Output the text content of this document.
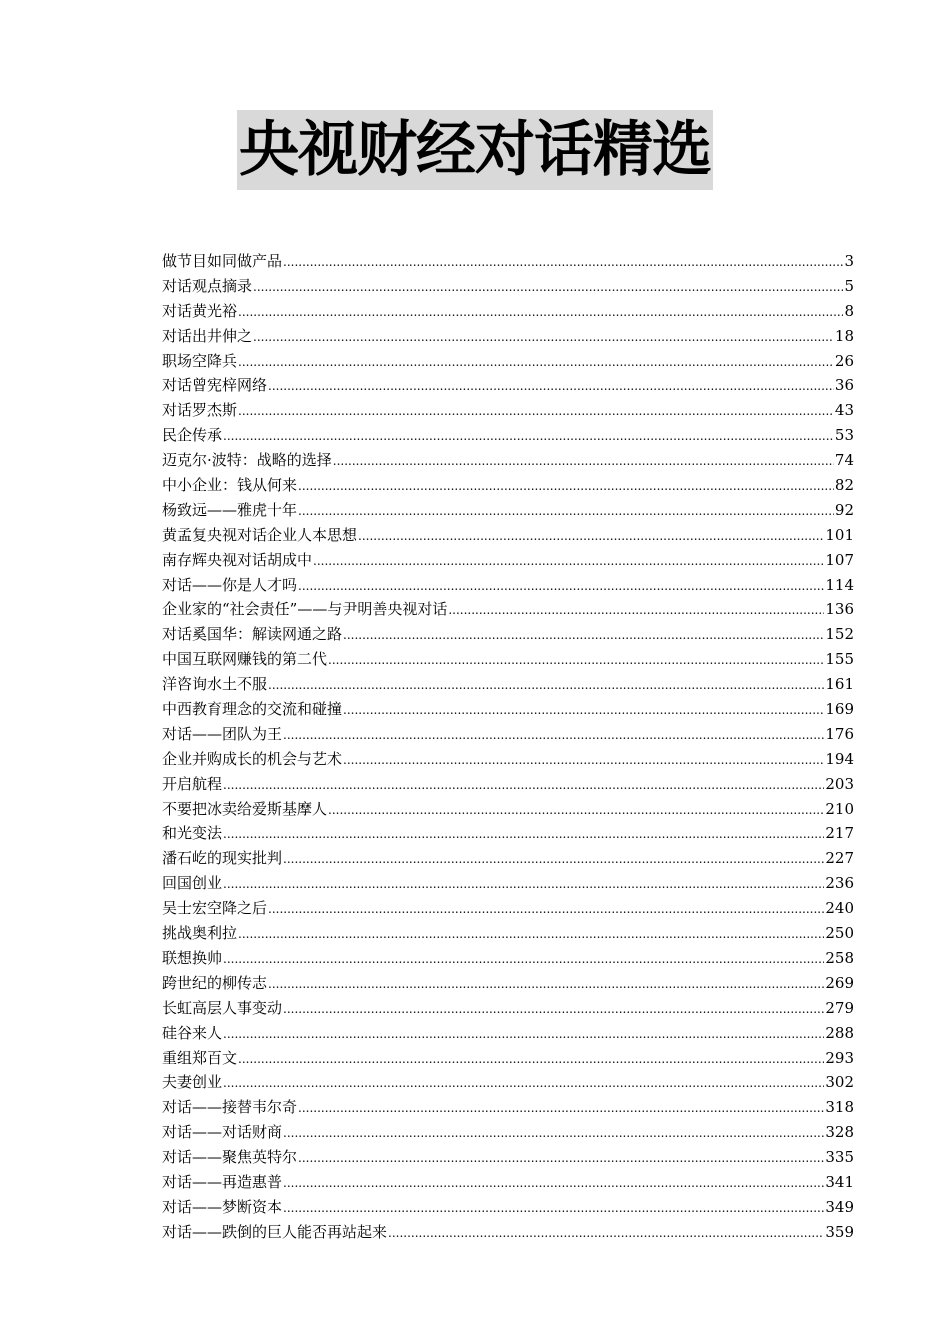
央视财经对话精选
做节目如同做产品 .....	3
对话观点摘录 .....	5
对话黄光裕 .....	8
对话出井伸之 .....	18
职场空降兵 .....	26
对话曾宪梓网络 .....	36
对话罗杰斯 .....	43
民企传承 .....	53
迈克尔·波特：战略的选择 .....	74
中小企业：钱从何来 .....	82
杨致远——雅虎十年 .....	92
黄孟复央视对话企业人本思想 .....	101
南存辉央视对话胡成中 .....	107
对话——你是人才吗 .....	114
企业家的“社会责任”——与尹明善央视对话 .....	136
对话奚国华：解读网通之路 .....	152
中国互联网赚钱的第二代 .....	155
洋咨询水土不服 .....	161
中西教育理念的交流和碰撞 .....	169
对话——团队为王 .....	176
企业并购成长的机会与艺术 .....	194
开启航程 .....	203
不要把冰卖给爱斯基摩人 .....	210
和光变法 .....	217
潘石屹的现实批判 .....	227
回国创业 .....	236
吴士宏空降之后 .....	240
挑战奥利拉 .....	250
联想换帅 .....	258
跨世纪的柳传志 .....	269
长虹高层人事变动 .....	279
硅谷来人 .....	288
重组郑百文 .....	293
夫妻创业 .....	302
对话——接替韦尔奇 .....	318
对话——对话财商 .....	328
对话——聚焦英特尔 .....	335
对话——再造惠普 .....	341
对话——梦断资本 .....	349
对话——跌倒的巨人能否再站起来 .....	359
